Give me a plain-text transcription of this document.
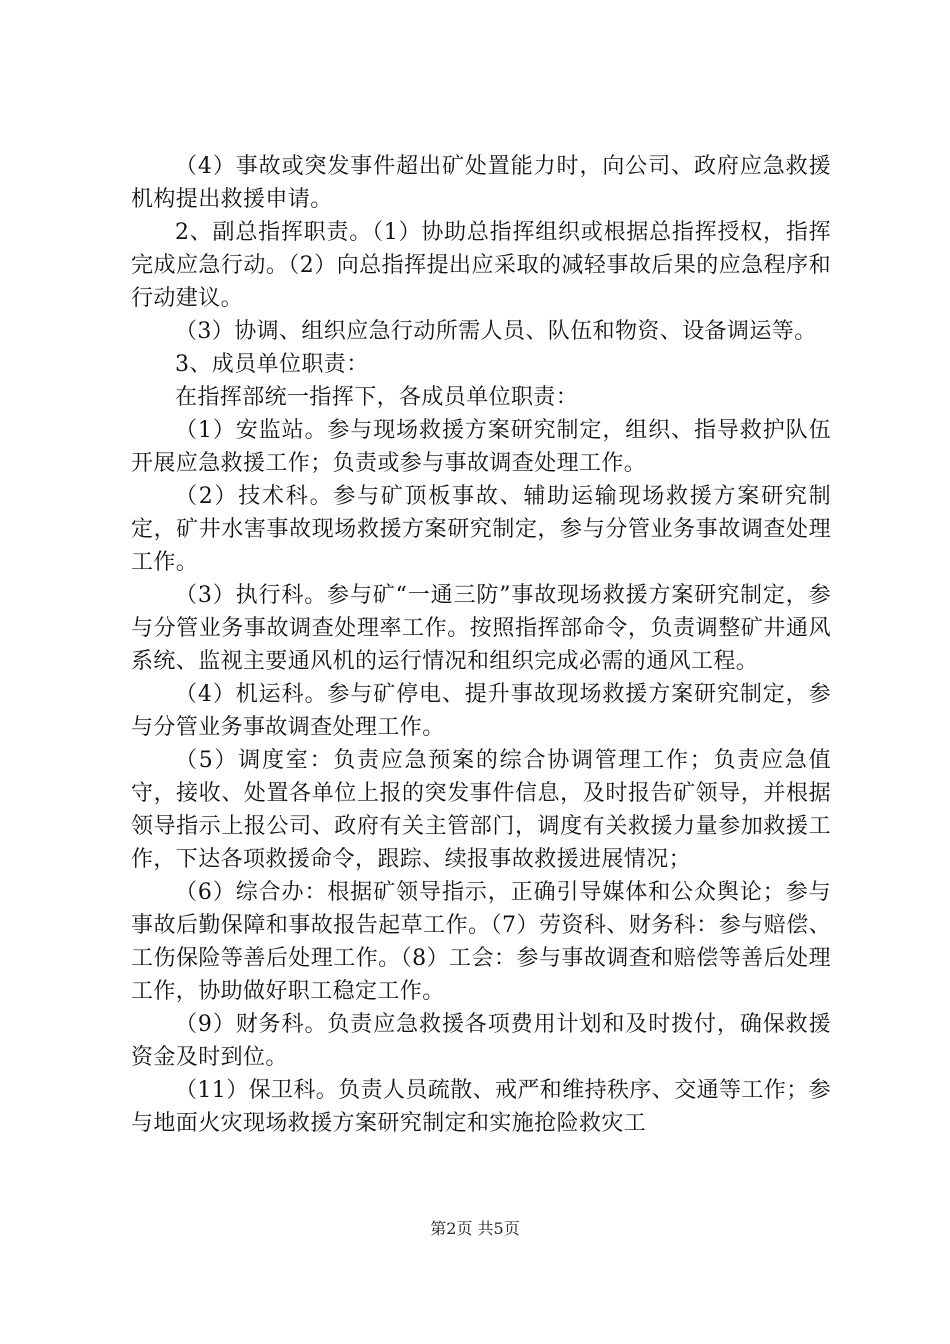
（4）事故或突发事件超出矿处置能力时，向公司、政府应急救援机构提出救援申请。

2、副总指挥职责。（1）协助总指挥组织或根据总指挥授权，指挥完成应急行动。（2）向总指挥提出应采取的减轻事故后果的应急程序和行动建议。

（3）协调、组织应急行动所需人员、队伍和物资、设备调运等。

3、成员单位职责：

在指挥部统一指挥下，各成员单位职责：

（1）安监站。参与现场救援方案研究制定，组织、指导救护队伍开展应急救援工作；负责或参与事故调查处理工作。

（2）技术科。参与矿顶板事故、辅助运输现场救援方案研究制定，矿井水害事故现场救援方案研究制定，参与分管业务事故调查处理工作。

（3）执行科。参与矿“一通三防”事故现场救援方案研究制定，参与分管业务事故调查处理率工作。按照指挥部命令，负责调整矿井通风系统、监视主要通风机的运行情况和组织完成必需的通风工程。

（4）机运科。参与矿停电、提升事故现场救援方案研究制定，参与分管业务事故调查处理工作。

（5）调度室：负责应急预案的综合协调管理工作；负责应急值守，接收、处置各单位上报的突发事件信息，及时报告矿领导，并根据领导指示上报公司、政府有关主管部门，调度有关救援力量参加救援工作，下达各项救援命令，跟踪、续报事故救援进展情况；

（6）综合办：根据矿领导指示，正确引导媒体和公众舆论；参与事故后勤保障和事故报告起草工作。（7）劳资科、财务科：参与赔偿、工伤保险等善后处理工作。（8）工会：参与事故调查和赔偿等善后处理工作，协助做好职工稳定工作。

（9）财务科。负责应急救援各项费用计划和及时拨付，确保救援资金及时到位。

（11）保卫科。负责人员疏散、戒严和维持秩序、交通等工作；参与地面火灾现场救援方案研究制定和实施抢险救灾工

第2页 共5页
